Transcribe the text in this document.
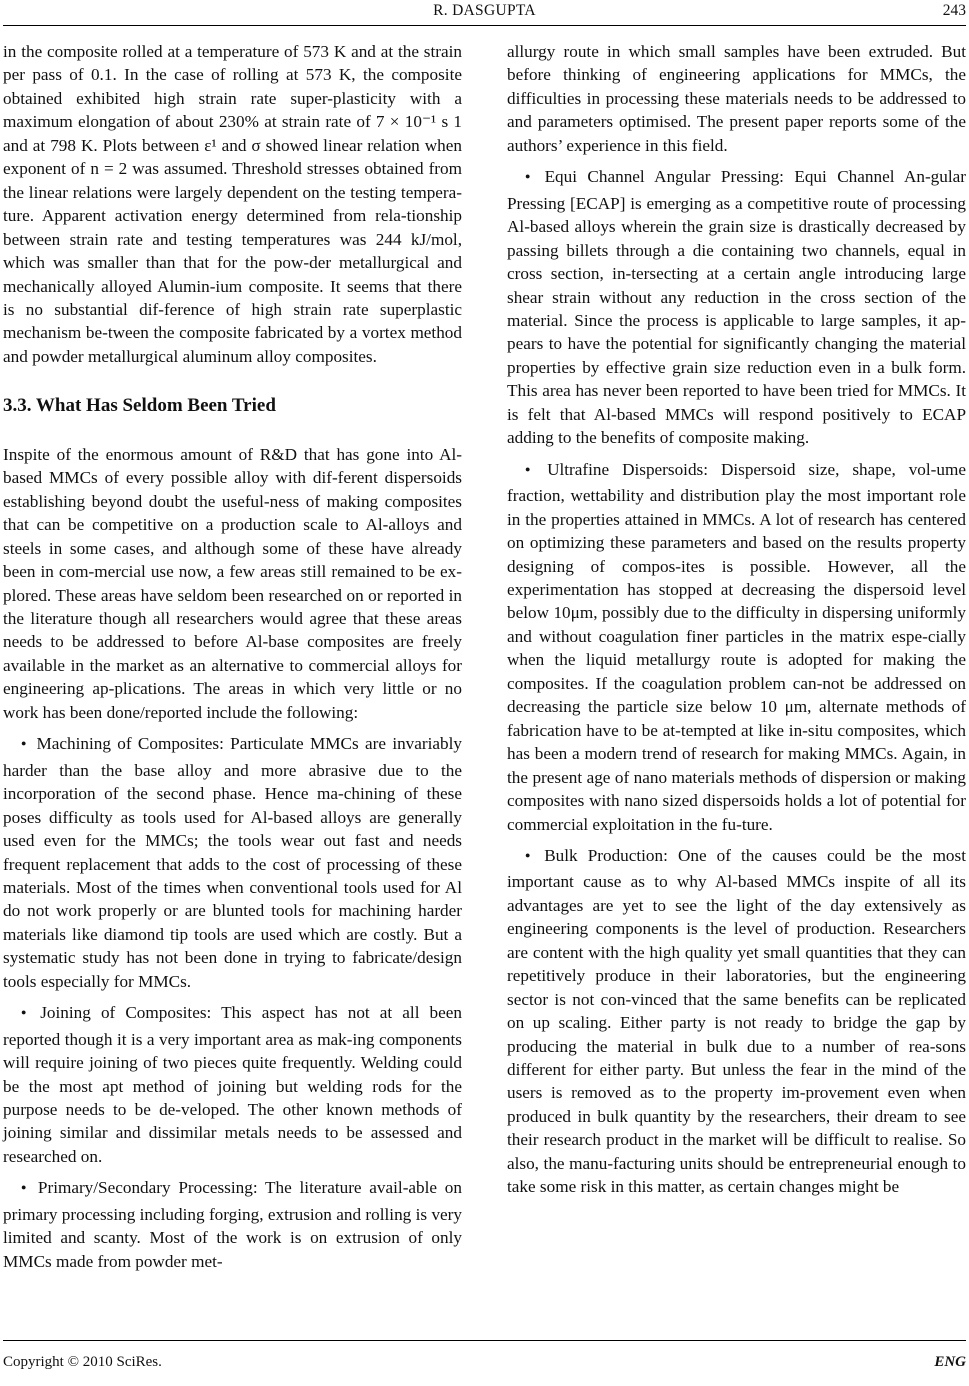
R. DASGUPTA	243

in the composite rolled at a temperature of 573 K and at the strain per pass of 0.1. In the case of rolling at 573 K, the composite obtained exhibited high strain rate super-plasticity with a maximum elongation of about 230% at strain rate of 7 × 10⁻¹ s 1 and at 798 K. Plots between ε¹ and σ showed linear relation when exponent of n = 2 was assumed. Threshold stresses obtained from the linear relations were largely dependent on the testing tempera-ture. Apparent activation energy determined from rela-tionship between strain rate and testing temperatures was 244 kJ/mol, which was smaller than that for the pow-der metallurgical and mechanically alloyed Alumin-ium composite. It seems that there is no substantial dif-ference of high strain rate superplastic mechanism be-tween the composite fabricated by a vortex method and powder metallurgical aluminum alloy composites.

3.3. What Has Seldom Been Tried

Inspite of the enormous amount of R&D that has gone into Al-based MMCs of every possible alloy with dif-ferent dispersoids establishing beyond doubt the useful-ness of making composites that can be competitive on a production scale to Al-alloys and steels in some cases, and although some of these have already been in com-mercial use now, a few areas still remained to be ex-plored. These areas have seldom been researched on or reported in the literature though all researchers would agree that these areas needs to be addressed to before Al-base composites are freely available in the market as an alternative to commercial alloys for engineering ap-plications. The areas in which very little or no work has been done/reported include the following:

● Machining of Composites: Particulate MMCs are invariably harder than the base alloy and more abrasive due to the incorporation of the second phase. Hence ma-chining of these poses difficulty as tools used for Al-based alloys are generally used even for the MMCs; the tools wear out fast and needs frequent replacement that adds to the cost of processing of these materials. Most of the times when conventional tools used for Al do not work properly or are blunted tools for machining harder materials like diamond tip tools are used which are costly. But a systematic study has not been done in trying to fabricate/design tools especially for MMCs.

● Joining of Composites: This aspect has not at all been reported though it is a very important area as mak-ing components will require joining of two pieces quite frequently. Welding could be the most apt method of joining but welding rods for the purpose needs to be de-veloped. The other known methods of joining similar and dissimilar metals needs to be assessed and researched on.

● Primary/Secondary Processing: The literature avail-able on primary processing including forging, extrusion and rolling is very limited and scanty. Most of the work is on extrusion of only MMCs made from powder met-

allurgy route in which small samples have been extruded. But before thinking of engineering applications for MMCs, the difficulties in processing these materials needs to be addressed to and parameters optimised. The present paper reports some of the authors’ experience in this field.

● Equi Channel Angular Pressing: Equi Channel An-gular Pressing [ECAP] is emerging as a competitive route of processing Al-based alloys wherein the grain size is drastically decreased by passing billets through a die containing two channels, equal in cross section, in-tersecting at a certain angle introducing large shear strain without any reduction in the cross section of the material. Since the process is applicable to large samples, it ap-pears to have the potential for significantly changing the material properties by effective grain size reduction even in a bulk form. This area has never been reported to have been tried for MMCs. It is felt that Al-based MMCs will respond positively to ECAP adding to the benefits of composite making.

● Ultrafine Dispersoids: Dispersoid size, shape, vol-ume fraction, wettability and distribution play the most important role in the properties attained in MMCs. A lot of research has centered on optimizing these parameters and based on the results property designing of compos-ites is possible. However, all the experimentation has stopped at decreasing the dispersoid level below 10μm, possibly due to the difficulty in dispersing uniformly and without coagulation finer particles in the matrix espe-cially when the liquid metallurgy route is adopted for making the composites. If the coagulation problem can-not be addressed on decreasing the particle size below 10 μm, alternate methods of fabrication have to be at-tempted at like in-situ composites, which has been a modern trend of research for making MMCs. Again, in the present age of nano materials methods of dispersion or making composites with nano sized dispersoids holds a lot of potential for commercial exploitation in the fu-ture.

● Bulk Production: One of the causes could be the most important cause as to why Al-based MMCs inspite of all its advantages are yet to see the light of the day extensively as engineering components is the level of production. Researchers are content with the high quality yet small quantities that they can repetitively produce in their laboratories, but the engineering sector is not con-vinced that the same benefits can be replicated on up scaling. Either party is not ready to bridge the gap by producing the material in bulk due to a number of rea-sons different for either party. But unless the fear in the mind of the users is removed as to the property im-provement even when produced in bulk quantity by the researchers, their dream to see their research product in the market will be difficult to realise. So also, the manu-facturing units should be entrepreneurial enough to take some risk in this matter, as certain changes might be

Copyright © 2010 SciRes.	ENG
